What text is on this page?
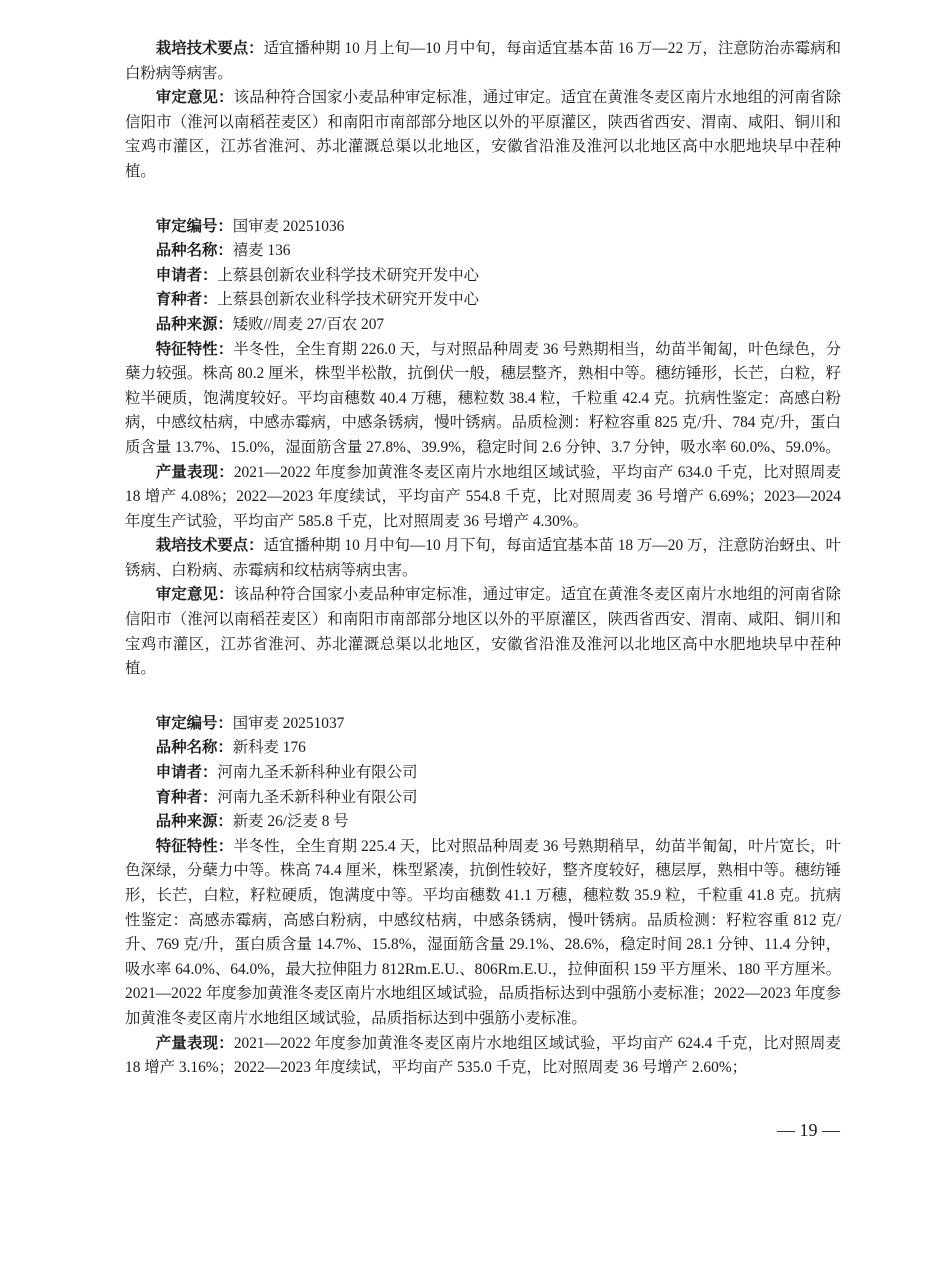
栽培技术要点：适宜播种期 10 月上旬—10 月中旬，每亩适宜基本苗 16 万—22 万，注意防治赤霉病和白粉病等病害。

审定意见：该品种符合国家小麦品种审定标准，通过审定。适宜在黄淮冬麦区南片水地组的河南省除信阳市（淮河以南稻茬麦区）和南阳市南部部分地区以外的平原灌区，陕西省西安、渭南、咸阳、铜川和宝鸡市灌区，江苏省淮河、苏北灌溉总渠以北地区，安徽省沿淮及淮河以北地区高中水肥地块早中茬种植。

审定编号：国审麦 20251036

品种名称：禧麦 136

申请者：上蔡县创新农业科学技术研究开发中心

育种者：上蔡县创新农业科学技术研究开发中心

品种来源：矮败//周麦 27/百农 207

特征特性：半冬性，全生育期 226.0 天，与对照品种周麦 36 号熟期相当，幼苗半匍匐，叶色绿色，分蘖力较强。株高 80.2 厘米，株型半松散，抗倒伏一般，穗层整齐，熟相中等。穗纺锤形，长芒，白粒，籽粒半硬质，饱满度较好。平均亩穗数 40.4 万穗，穗粒数 38.4 粒，千粒重 42.4 克。抗病性鉴定：高感白粉病，中感纹枯病，中感赤霉病，中感条锈病，慢叶锈病。品质检测：籽粒容重 825 克/升、784 克/升，蛋白质含量 13.7%、15.0%，湿面筋含量 27.8%、39.9%，稳定时间 2.6 分钟、3.7 分钟，吸水率 60.0%、59.0%。

产量表现：2021—2022 年度参加黄淮冬麦区南片水地组区域试验，平均亩产 634.0 千克，比对照周麦 18 增产 4.08%；2022—2023 年度续试，平均亩产 554.8 千克，比对照周麦 36 号增产 6.69%；2023—2024 年度生产试验，平均亩产 585.8 千克，比对照周麦 36 号增产 4.30%。

栽培技术要点：适宜播种期 10 月中旬—10 月下旬，每亩适宜基本苗 18 万—20 万，注意防治蚜虫、叶锈病、白粉病、赤霉病和纹枯病等病虫害。

审定意见：该品种符合国家小麦品种审定标准，通过审定。适宜在黄淮冬麦区南片水地组的河南省除信阳市（淮河以南稻茬麦区）和南阳市南部部分地区以外的平原灌区，陕西省西安、渭南、咸阳、铜川和宝鸡市灌区，江苏省淮河、苏北灌溉总渠以北地区，安徽省沿淮及淮河以北地区高中水肥地块早中茬种植。

审定编号：国审麦 20251037

品种名称：新科麦 176

申请者：河南九圣禾新科种业有限公司

育种者：河南九圣禾新科种业有限公司

品种来源：新麦 26/泛麦 8 号

特征特性：半冬性，全生育期 225.4 天，比对照品种周麦 36 号熟期稍早，幼苗半匍匐，叶片宽长，叶色深绿，分蘖力中等。株高 74.4 厘米，株型紧凑，抗倒性较好，整齐度较好，穗层厚，熟相中等。穗纺锤形，长芒，白粒，籽粒硬质，饱满度中等。平均亩穗数 41.1 万穗，穗粒数 35.9 粒，千粒重 41.8 克。抗病性鉴定：高感赤霉病，高感白粉病，中感纹枯病，中感条锈病，慢叶锈病。品质检测：籽粒容重 812 克/升、769 克/升，蛋白质含量 14.7%、15.8%，湿面筋含量 29.1%、28.6%，稳定时间 28.1 分钟、11.4 分钟，吸水率 64.0%、64.0%，最大拉伸阻力 812Rm.E.U.、806Rm.E.U.，拉伸面积 159 平方厘米、180 平方厘米。2021—2022 年度参加黄淮冬麦区南片水地组区域试验，品质指标达到中强筋小麦标准；2022—2023 年度参加黄淮冬麦区南片水地组区域试验，品质指标达到中强筋小麦标准。

产量表现：2021—2022 年度参加黄淮冬麦区南片水地组区域试验，平均亩产 624.4 千克，比对照周麦 18 增产 3.16%；2022—2023 年度续试，平均亩产 535.0 千克，比对照周麦 36 号增产 2.60%；

— 19 —
